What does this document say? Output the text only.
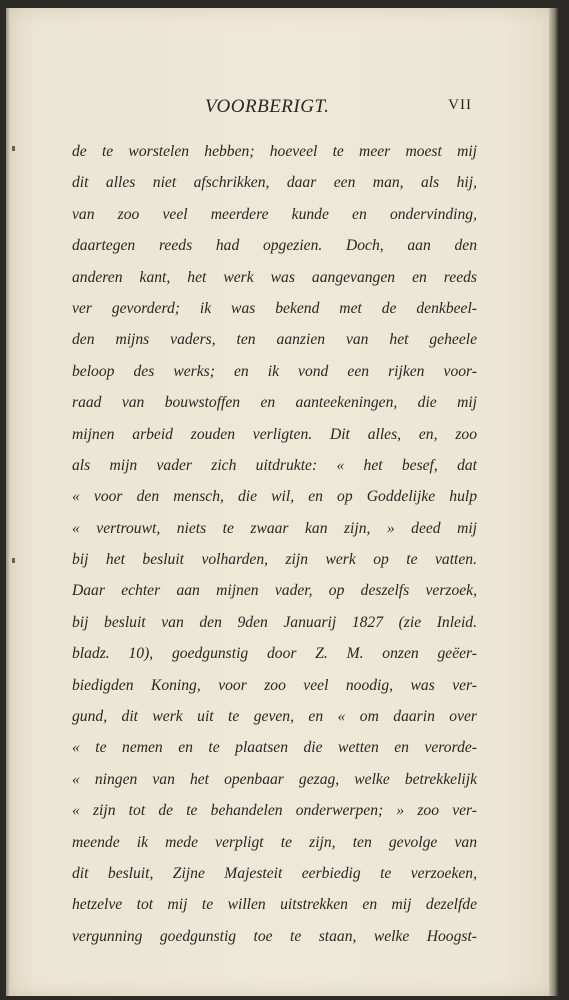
VOORBERIGT.	VII
de te worstelen hebben; hoeveel te meer moest mij
dit alles niet afschrikken, daar een man, als hij,
van zoo veel meerdere kunde en ondervinding,
daartegen reeds had opgezien. Doch, aan den
anderen kant, het werk was aangevangen en reeds
ver gevorderd; ik was bekend met de denkbeel-
den mijns vaders, ten aanzien van het geheele
beloop des werks; en ik vond een rijken voor-
raad van bouwstoffen en aanteekeningen, die mij
mijnen arbeid zouden verligten. Dit alles, en, zoo
als mijn vader zich uitdrukte: « het besef, dat
« voor den mensch, die wil, en op Goddelijke hulp
« vertrouwt, niets te zwaar kan zijn, » deed mij
bij het besluit volharden, zijn werk op te vatten.
Daar echter aan mijnen vader, op deszelfs verzoek,
bij besluit van den 9den Januarij 1827 (zie Inleid.
bladz. 10), goedgunstig door Z. M. onzen geëer-
biedigden Koning, voor zoo veel noodig, was ver-
gund, dit werk uit te geven, en « om daarin over
« te nemen en te plaatsen die wetten en verorde-
« ningen van het openbaar gezag, welke betrekkelijk
« zijn tot de te behandelen onderwerpen; » zoo ver-
meende ik mede verpligt te zijn, ten gevolge van
dit besluit, Zijne Majesteit eerbiedig te verzoeken,
hetzelve tot mij te willen uitstrekken en mij dezelfde
vergunning goedgunstig toe te staan, welke Hoogst-
